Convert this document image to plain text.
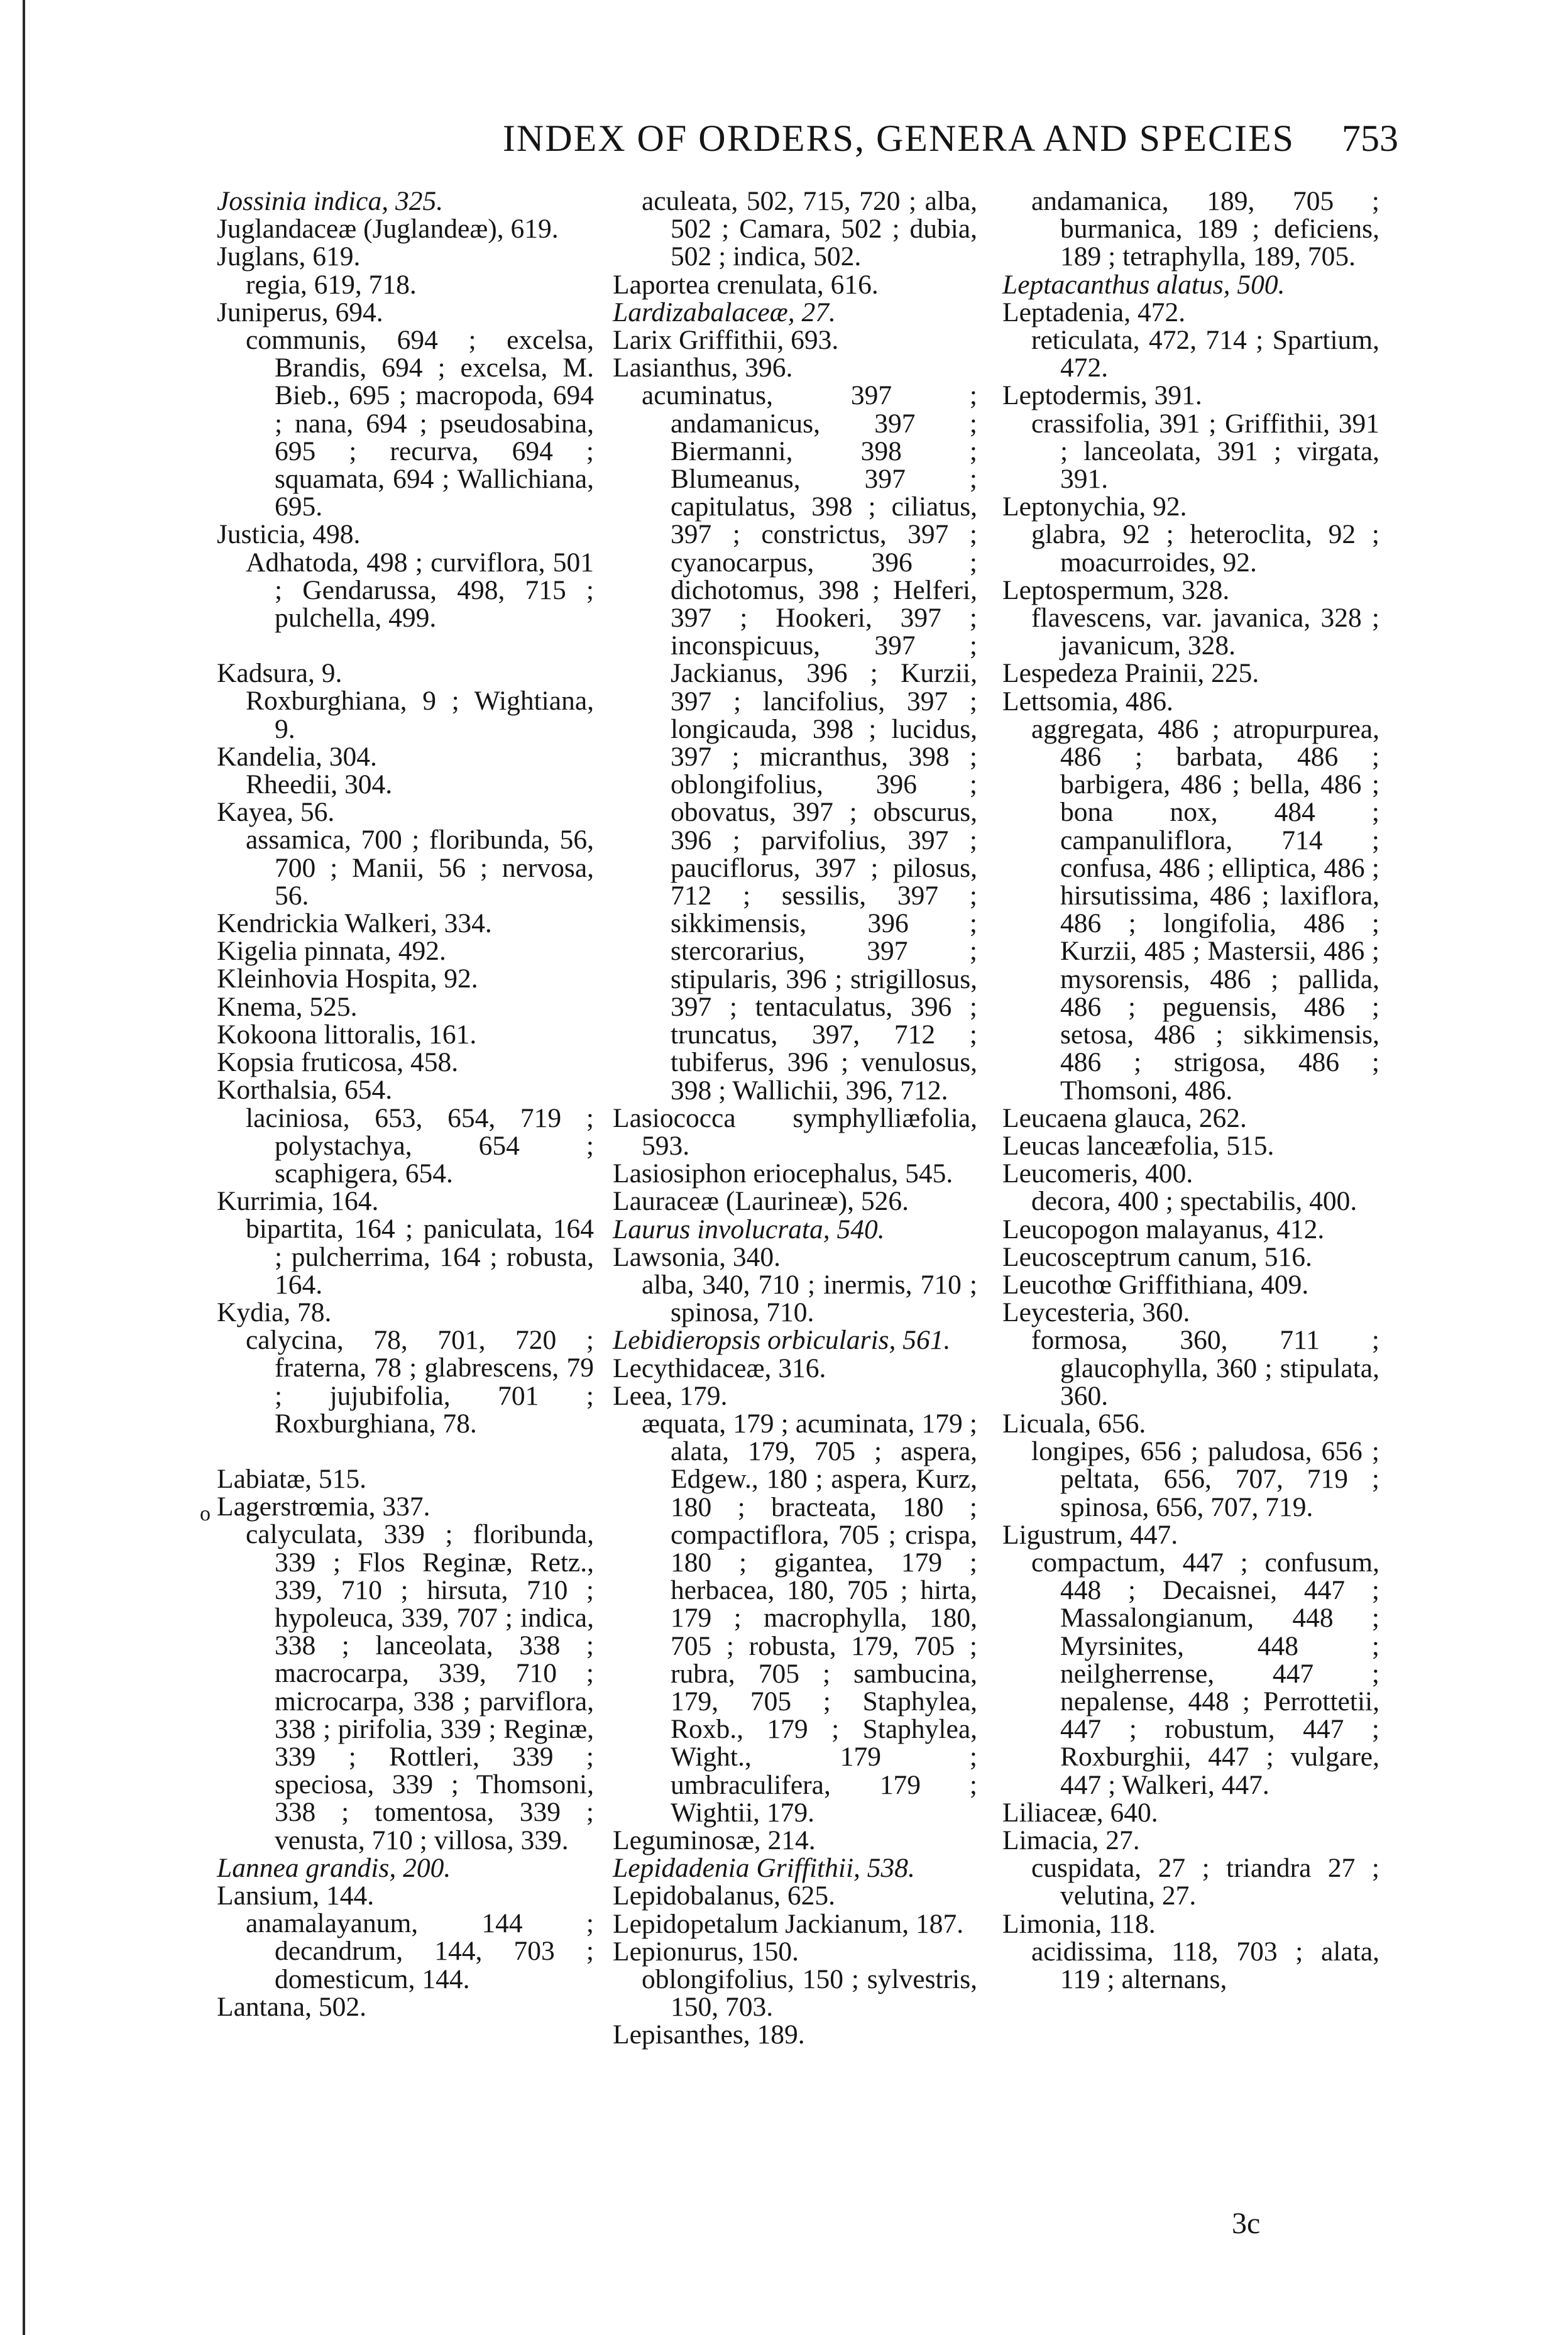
INDEX OF ORDERS, GENERA AND SPECIES	753
o
Jossinia indica, 325.
Juglandaceæ (Juglandeæ), 619.
Juglans, 619.
regia, 619, 718.
Juniperus, 694.
communis, 694 ; excelsa, Brandis, 694 ; excelsa, M. Bieb., 695 ; macropoda, 694 ; nana, 694 ; pseudosabina, 695 ; recurva, 694 ; squamata, 694 ; Wallichiana, 695.
Justicia, 498.
Adhatoda, 498 ; curviflora, 501 ; Gendarussa, 498, 715 ; pulchella, 499.
Kadsura, 9.
Roxburghiana, 9 ; Wightiana, 9.
Kandelia, 304.
Rheedii, 304.
Kayea, 56.
assamica, 700 ; floribunda, 56, 700 ; Manii, 56 ; nervosa, 56.
Kendrickia Walkeri, 334.
Kigelia pinnata, 492.
Kleinhovia Hospita, 92.
Knema, 525.
Kokoona littoralis, 161.
Kopsia fruticosa, 458.
Korthalsia, 654.
laciniosa, 653, 654, 719 ; polystachya, 654 ; scaphigera, 654.
Kurrimia, 164.
bipartita, 164 ; paniculata, 164 ; pulcherrima, 164 ; robusta, 164.
Kydia, 78.
calycina, 78, 701, 720 ; fraterna, 78 ; glabrescens, 79 ; jujubifolia, 701 ; Roxburghiana, 78.
Labiatæ, 515.
Lagerstrœmia, 337.
calyculata, 339 ; floribunda, 339 ; Flos Reginæ, Retz., 339, 710 ; hirsuta, 710 ; hypoleuca, 339, 707 ; indica, 338 ; lanceolata, 338 ; macrocarpa, 339, 710 ; microcarpa, 338 ; parviflora, 338 ; pirifolia, 339 ; Reginæ, 339 ; Rottleri, 339 ; speciosa, 339 ; Thomsoni, 338 ; tomentosa, 339 ; venusta, 710 ; villosa, 339.
Lannea grandis, 200.
Lansium, 144.
anamalayanum, 144 ; decandrum, 144, 703 ; domesticum, 144.
Lantana, 502.
aculeata, 502, 715, 720 ; alba, 502 ; Camara, 502 ; dubia, 502 ; indica, 502.
Laportea crenulata, 616.
Lardizabalaceæ, 27.
Larix Griffithii, 693.
Lasianthus, 396.
acuminatus, 397 ; andamanicus, 397 ; Biermanni, 398 ; Blumeanus, 397 ; capitulatus, 398 ; ciliatus, 397 ; constrictus, 397 ; cyanocarpus, 396 ; dichotomus, 398 ; Helferi, 397 ; Hookeri, 397 ; inconspicuus, 397 ; Jackianus, 396 ; Kurzii, 397 ; lancifolius, 397 ; longicauda, 398 ; lucidus, 397 ; micranthus, 398 ; oblongifolius, 396 ; obovatus, 397 ; obscurus, 396 ; parvifolius, 397 ; pauciflorus, 397 ; pilosus, 712 ; sessilis, 397 ; sikkimensis, 396 ; stercorarius, 397 ; stipularis, 396 ; strigillosus, 397 ; tentaculatus, 396 ; truncatus, 397, 712 ; tubiferus, 396 ; venulosus, 398 ; Wallichii, 396, 712.
Lasiococca symphylliæfolia, 593.
Lasiosiphon eriocephalus, 545.
Lauraceæ (Laurineæ), 526.
Laurus involucrata, 540.
Lawsonia, 340.
alba, 340, 710 ; inermis, 710 ; spinosa, 710.
Lebidieropsis orbicularis, 561.
Lecythidaceæ, 316.
Leea, 179.
æquata, 179 ; acuminata, 179 ; alata, 179, 705 ; aspera, Edgew., 180 ; aspera, Kurz, 180 ; bracteata, 180 ; compactiflora, 705 ; crispa, 180 ; gigantea, 179 ; herbacea, 180, 705 ; hirta, 179 ; macrophylla, 180, 705 ; robusta, 179, 705 ; rubra, 705 ; sambucina, 179, 705 ; Staphylea, Roxb., 179 ; Staphylea, Wight., 179 ; umbraculifera, 179 ; Wightii, 179.
Leguminosæ, 214.
Lepidadenia Griffithii, 538.
Lepidobalanus, 625.
Lepidopetalum Jackianum, 187.
Lepionurus, 150.
oblongifolius, 150 ; sylvestris, 150, 703.
Lepisanthes, 189.
andamanica, 189, 705 ; burmanica, 189 ; deficiens, 189 ; tetraphylla, 189, 705.
Leptacanthus alatus, 500.
Leptadenia, 472.
reticulata, 472, 714 ; Spartium, 472.
Leptodermis, 391.
crassifolia, 391 ; Griffithii, 391 ; lanceolata, 391 ; virgata, 391.
Leptonychia, 92.
glabra, 92 ; heteroclita, 92 ; moacurroides, 92.
Leptospermum, 328.
flavescens, var. javanica, 328 ; javanicum, 328.
Lespedeza Prainii, 225.
Lettsomia, 486.
aggregata, 486 ; atropurpurea, 486 ; barbata, 486 ; barbigera, 486 ; bella, 486 ; bona nox, 484 ; campanuliflora, 714 ; confusa, 486 ; elliptica, 486 ; hirsutissima, 486 ; laxiflora, 486 ; longifolia, 486 ; Kurzii, 485 ; Mastersii, 486 ; mysorensis, 486 ; pallida, 486 ; peguensis, 486 ; setosa, 486 ; sikkimensis, 486 ; strigosa, 486 ; Thomsoni, 486.
Leucaena glauca, 262.
Leucas lanceæfolia, 515.
Leucomeris, 400.
decora, 400 ; spectabilis, 400.
Leucopogon malayanus, 412.
Leucosceptrum canum, 516.
Leucothœ Griffithiana, 409.
Leycesteria, 360.
formosa, 360, 711 ; glaucophylla, 360 ; stipulata, 360.
Licuala, 656.
longipes, 656 ; paludosa, 656 ; peltata, 656, 707, 719 ; spinosa, 656, 707, 719.
Ligustrum, 447.
compactum, 447 ; confusum, 448 ; Decaisnei, 447 ; Massalongianum, 448 ; Myrsinites, 448 ; neilgherrense, 447 ; nepalense, 448 ; Perrottetii, 447 ; robustum, 447 ; Roxburghii, 447 ; vulgare, 447 ; Walkeri, 447.
Liliaceæ, 640.
Limacia, 27.
cuspidata, 27 ; triandra 27 ; velutina, 27.
Limonia, 118.
acidissima, 118, 703 ; alata, 119 ; alternans,
3c
